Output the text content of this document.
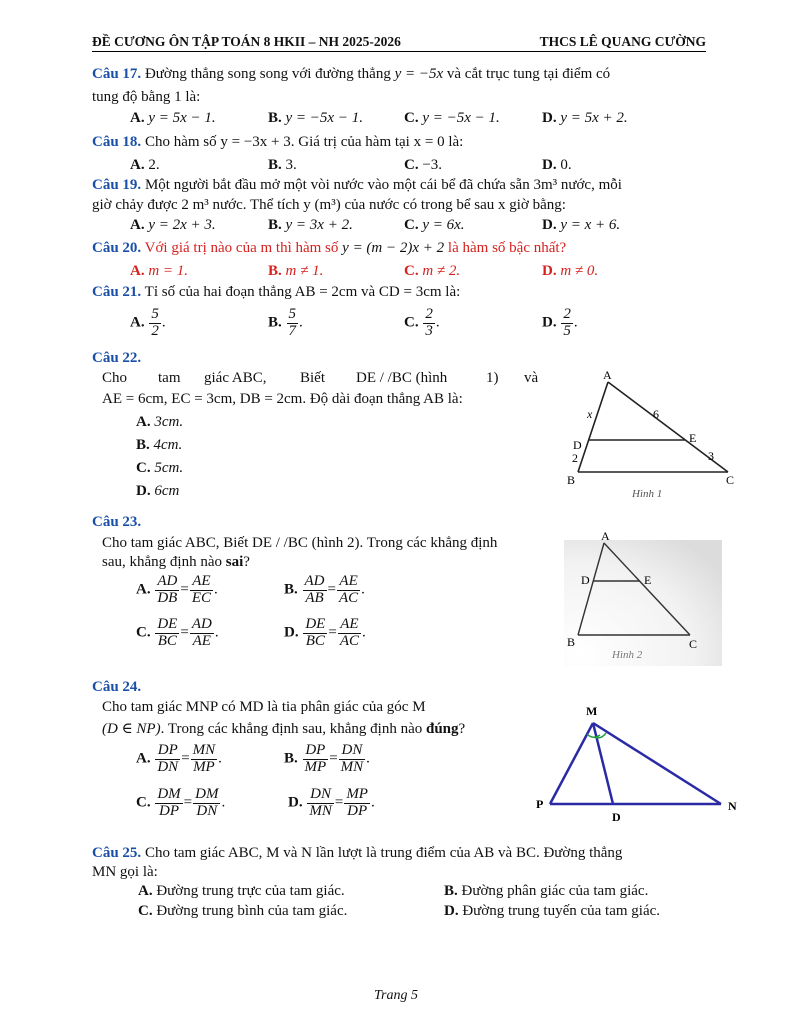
ĐỀ CƯƠNG ÔN TẬP TOÁN 8 HKII – NH 2025-2026	THCS LÊ QUANG CƯỜNG
Câu 17. Đường thẳng song song với đường thẳng y = −5x và cắt trục tung tại điểm có
tung độ bằng 1 là:
A. y = 5x − 1.	B. y = −5x − 1.	C. y = −5x − 1.	D. y = 5x + 2.
Câu 18. Cho hàm số y = −3x + 3. Giá trị của hàm tại x = 0 là:
A. 2.	B. 3.	C. −3.	D. 0.
Câu 19. Một người bắt đầu mở một vòi nước vào một cái bể đã chứa sẵn 3m³ nước, mỗi
giờ chảy được 2 m³ nước. Thể tích y (m³) của nước có trong bể sau x giờ bằng:
A. y = 2x + 3.	B. y = 3x + 2.	C. y = 6x.	D. y = x + 6.
Câu 20. Với giá trị nào của m thì hàm số y = (m − 2)x + 2 là hàm số bậc nhất?
A. m = 1.	B. m ≠ 1.	C. m ≠ 2.	D. m ≠ 0.
Câu 21. Tỉ số của hai đoạn thẳng AB = 2cm và CD = 3cm là:
A. $\frac{5}{2}$ .	B. $\frac{5}{7}$ .	C. $\frac{2}{3}$ .	D. $\frac{2}{5}$ .
Câu 22.
Cho tam giác ABC, Biết DE / /BC (hình	1) và
AE = 6cm, EC = 3cm, DB = 2cm. Độ dài đoạn thẳng AB là:
A. 3cm.
B. 4cm.
C. 5cm.
D. 6cm
A
B	C
D	E
x	6
2	3
Hình 1
Câu 23.
Cho tam giác ABC, Biết DE / /BC (hình 2). Trong các khẳng định
sau, khẳng định nào sai?
A. $\frac{AD}{DB} = \frac{AE}{EC}$ .	B. $\frac{AD}{AB} = \frac{AE}{AC}$ .
C. $\frac{DE}{BC} = \frac{AD}{AE}$ .	D. $\frac{DE}{BC} = \frac{AE}{AC}$ .
A
B	C
D	E
Hình 2
Câu 24.
Cho tam giác MNP có MD là tia phân giác của góc M
(D ∈ NP). Trong các khẳng định sau, khẳng định nào đúng?
A. $\frac{DP}{DN} = \frac{MN}{MP}$ .	B. $\frac{DP}{MP} = \frac{DN}{MN}$ .
C. $\frac{DM}{DP} = \frac{DM}{DN}$ .	D. $\frac{DN}{MN} = \frac{MP}{DP}$ .
M
P	N
D
Câu 25. Cho tam giác ABC, M và N lần lượt là trung điểm của AB và BC. Đường thẳng
MN gọi là:
A. Đường trung trực của tam giác.	B. Đường phân giác của tam giác.
C. Đường trung bình của tam giác.	D. Đường trung tuyến của tam giác.
Trang 5
